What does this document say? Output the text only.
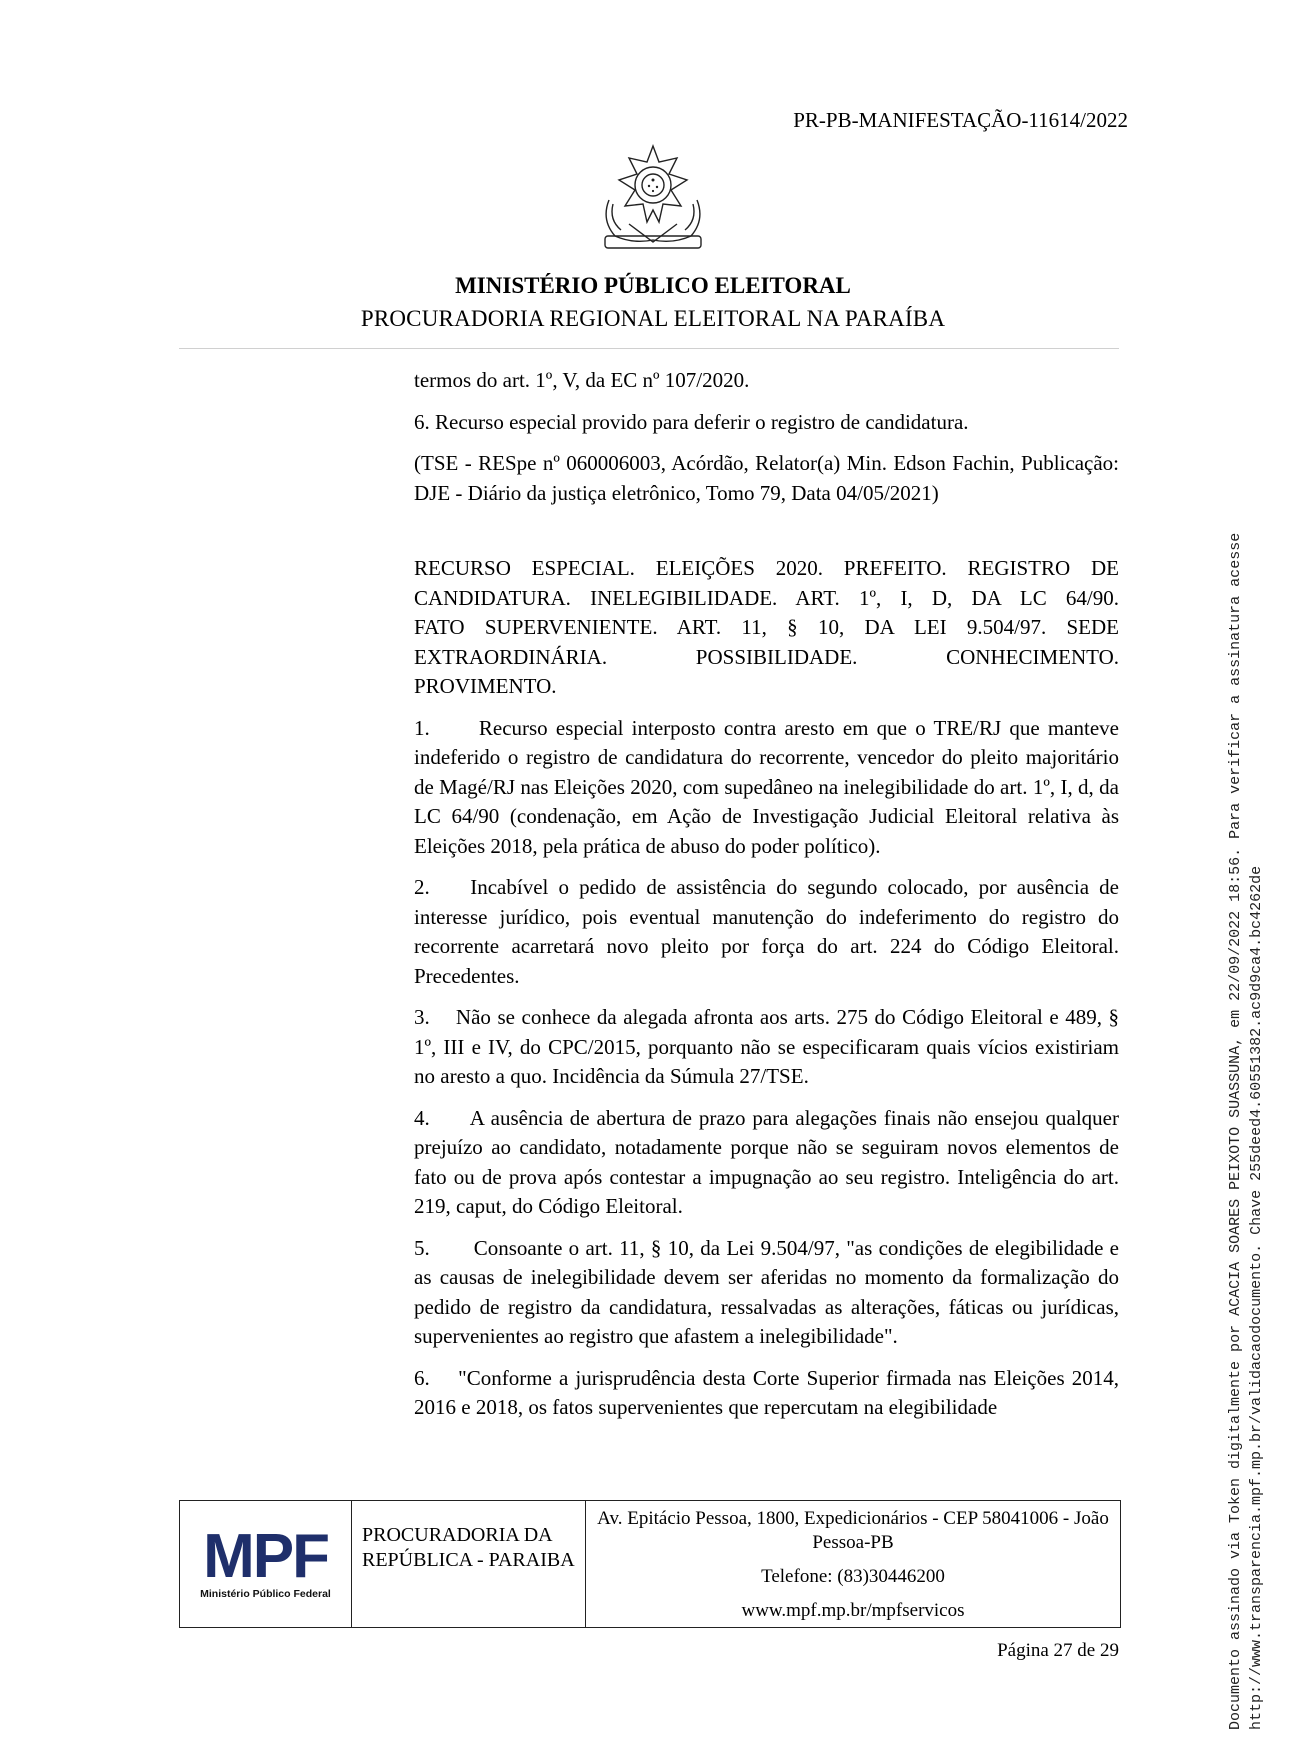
PR-PB-MANIFESTAÇÃO-11614/2022
MINISTÉRIO PÚBLICO ELEITORAL
PROCURADORIA REGIONAL ELEITORAL NA PARAÍBA

termos do art. 1º, V, da EC nº 107/2020.

6. Recurso especial provido para deferir o registro de candidatura.

(TSE - RESpe nº 060006003, Acórdão, Relator(a) Min. Edson Fachin, Publicação: DJE - Diário da justiça eletrônico, Tomo 79, Data 04/05/2021)

RECURSO ESPECIAL. ELEIÇÕES 2020. PREFEITO. REGISTRO DE
CANDIDATURA. INELEGIBILIDADE. ART. 1º, I, D, DA LC 64/90.
FATO SUPERVENIENTE. ART. 11, § 10, DA LEI 9.504/97. SEDE
EXTRAORDINÁRIA. POSSIBILIDADE. CONHECIMENTO.
PROVIMENTO.

1.      Recurso especial interposto contra aresto em que o TRE/RJ que manteve indeferido o registro de candidatura do recorrente, vencedor do pleito majoritário de Magé/RJ nas Eleições 2020, com supedâneo na inelegibilidade do art. 1º, I, d, da LC 64/90 (condenação, em Ação de Investigação Judicial Eleitoral relativa às Eleições 2018, pela prática de abuso do poder político).

2.    Incabível o pedido de assistência do segundo colocado, por ausência de interesse jurídico, pois eventual manutenção do indeferimento do registro do recorrente acarretará novo pleito por força do art. 224 do Código Eleitoral. Precedentes.

3.    Não se conhece da alegada afronta aos arts. 275 do Código Eleitoral e 489, § 1º, III e IV, do CPC/2015, porquanto não se especificaram quais vícios existiriam no aresto a quo. Incidência da Súmula 27/TSE.

4.      A ausência de abertura de prazo para alegações finais não ensejou qualquer prejuízo ao candidato, notadamente porque não se seguiram novos elementos de fato ou de prova após contestar a impugnação ao seu registro. Inteligência do art. 219, caput, do Código Eleitoral.

5.       Consoante o art. 11, § 10, da Lei 9.504/97, "as condições de elegibilidade e as causas de inelegibilidade devem ser aferidas no momento da formalização do pedido de registro da candidatura, ressalvadas as alterações, fáticas ou jurídicas, supervenientes ao registro que afastem a inelegibilidade".

6.    "Conforme a jurisprudência desta Corte Superior firmada nas Eleições 2014, 2016 e 2018, os fatos supervenientes que repercutam na elegibilidade

MPF
Ministério Público Federal
PROCURADORIA DA REPÚBLICA - PARAIBA
Av. Epitácio Pessoa, 1800, Expedicionários - CEP 58041006 - João Pessoa-PB
Telefone: (83)30446200
www.mpf.mp.br/mpfservicos
Página 27 de 29	Documento assinado via Token digitalmente por ACACIA SOARES PEIXOTO SUASSUNA, em 22/09/2022 18:56. Para verificar a assinatura acesse http://www.transparencia.mpf.mp.br/validacaodocumento. Chave 255deed4.60551382.ac9d9ca4.bc4262de
